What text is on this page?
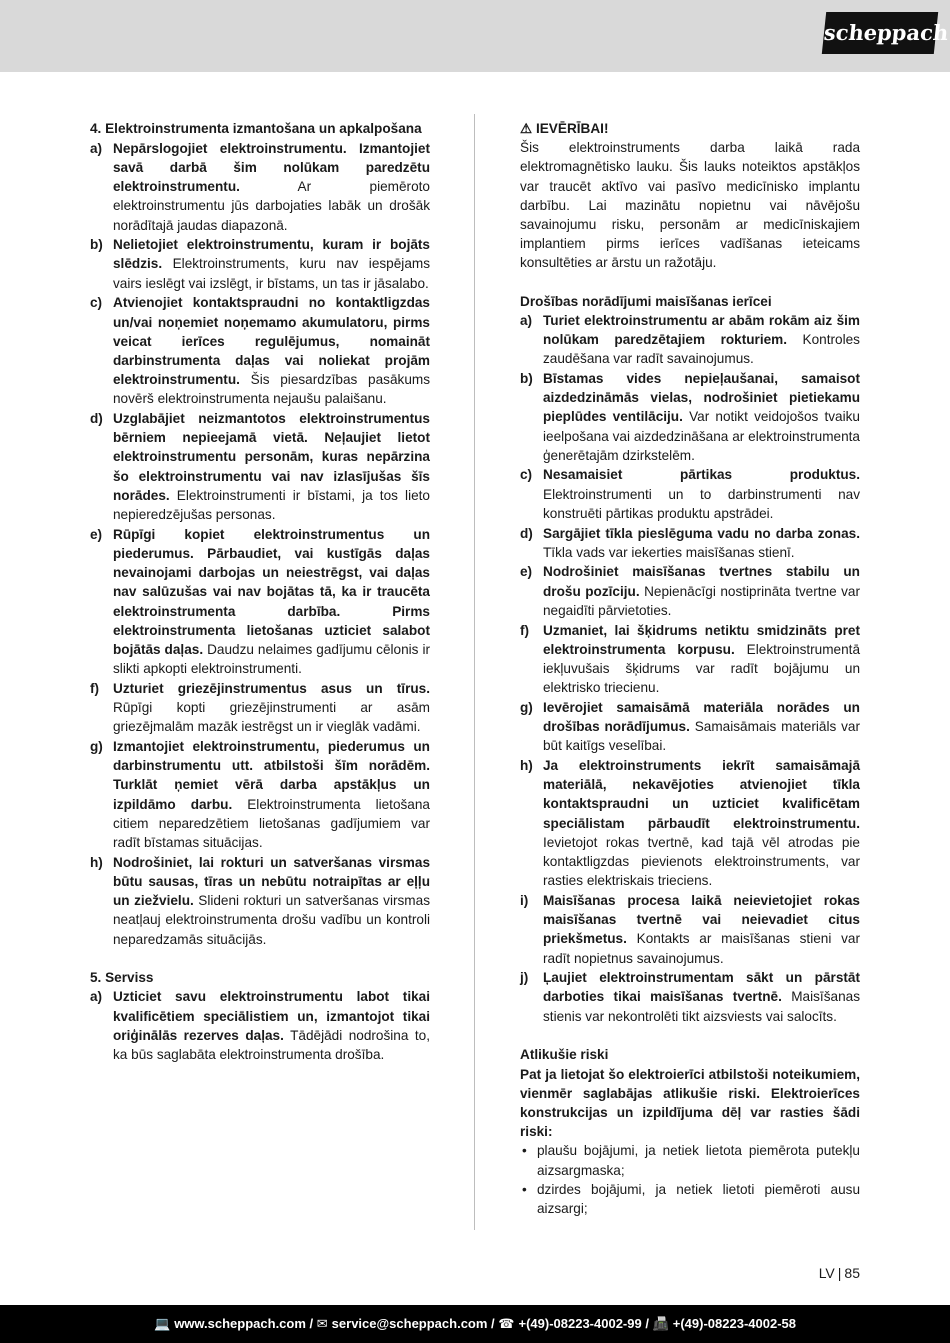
scheppach
4. Elektroinstrumenta izmantošana un apkalpošana
a) Nepārslogojiet elektroinstrumentu. Izmantojiet savā darbā šim nolūkam paredzētu elektroinstrumentu. Ar piemēroto elektroinstrumentu jūs darbojaties labāk un drošāk norādītajā jaudas diapazonā.
b) Nelietojiet elektroinstrumentu, kuram ir bojāts slēdzis. Elektroinstruments, kuru nav iespējams vairs ieslēgt vai izslēgt, ir bīstams, un tas ir jāsalabo.
c) Atvienojiet kontaktspraudni no kontaktligzdas un/vai noņemiet noņemamo akumulatoru, pirms veicat ierīces regulējumus, nomaināt darbinstrumenta daļas vai noliekat projām elektroinstrumentu. Šis piesardzības pasākums novērš elektroinstrumenta nejaušu palaišanu.
d) Uzglabājiet neizmantotos elektroinstrumentus bērniem nepieejamā vietā. Neļaujiet lietot elektroinstrumentu personām, kuras nepārzina šo elektroinstrumentu vai nav izlasījušas šīs norādes. Elektroinstrumenti ir bīstami, ja tos lieto nepieredzējušas personas.
e) Rūpīgi kopiet elektroinstrumentus un piederumus. Pārbaudiet, vai kustīgās daļas nevainojami darbojas un neiestrēgst, vai daļas nav salūzušas vai nav bojātas tā, ka ir traucēta elektroinstrumenta darbība. Pirms elektroinstrumenta lietošanas uzticiet salabot bojātās daļas. Daudzu nelaimes gadījumu cēlonis ir slikti apkopti elektroinstrumenti.
f)	Uzturiet griezējinstrumentus asus un tīrus. Rūpīgi kopti griezējinstrumenti ar asām griezējmalām mazāk iestrēgst un ir vieglāk vadāmi.
g) Izmantojiet elektroinstrumentu, piederumus un darbinstrumentu utt. atbilstoši šīm norādēm. Turklāt ņemiet vērā darba apstākļus un izpildāmo darbu. Elektroinstrumenta lietošana citiem neparedzētiem lietošanas gadījumiem var radīt bīstamas situācijas.
h) Nodrošiniet, lai rokturi un satveršanas virsmas būtu sausas, tīras un nebūtu notraipītas ar eļļu un ziežvielu. Slideni rokturi un satveršanas virsmas neatļauj elektroinstrumenta drošu vadību un kontroli neparedzamās situācijās.
5. Serviss
a) Uzticiet savu elektroinstrumentu labot tikai kvalificētiem speciālistiem un, izmantojot tikai oriģinālās rezerves daļas. Tādējādi nodrošina to, ka būs saglabāta elektroinstrumenta drošība.
⚠ IEVĒRĪBAI!

Šis elektroinstruments darba laikā rada elektromagnētisko lauku. Šis lauks noteiktos apstākļos var traucēt aktīvo vai pasīvo medicīnisko implantu darbību. Lai mazinātu nopietnu vai nāvējošu savainojumu risku, personām ar medicīniskajiem implantiem pirms ierīces vadīšanas ieteicams konsultēties ar ārstu un ražotāju.

Drošības norādījumi maisīšanas ierīcei
a) Turiet elektroinstrumentu ar abām rokām aiz šim nolūkam paredzētajiem rokturiem. Kontroles zaudēšana var radīt savainojumus.
b) Bīstamas vides nepieļaušanai, samaisot aizdedzināmās vielas, nodrošiniet pietiekamu pieplūdes ventilāciju. Var notikt veidojošos tvaiku ieelpošana vai aizdedzināšana ar elektroinstrumenta ģenerētajām dzirkstelēm.
c) Nesamaisiet pārtikas produktus. Elektroinstrumenti un to darbinstrumenti nav konstruēti pārtikas produktu apstrādei.
d) Sargājiet tīkla pieslēguma vadu no darba zonas. Tīkla vads var iekerties maisīšanas stienī.
e) Nodrošiniet maisīšanas tvertnes stabilu un drošu pozīciju. Nepienācīgi nostiprināta tvertne var negaidīti pārvietoties.
f)	Uzmaniet, lai šķidrums netiktu smidzināts pret elektroinstrumenta korpusu. Elektroinstrumentā iekļuvušais šķidrums var radīt bojājumu un elektrisko triecienu.
g) Ievērojiet samaisāmā materiāla norādes un drošības norādījumus. Samaisāmais materiāls var būt kaitīgs veselībai.
h) Ja elektroinstruments iekrīt samaisāmajā materiālā, nekavējoties atvienojiet tīkla kontaktspraudni un uzticiet kvalificētam speciālistam pārbaudīt elektroinstrumentu. Ievietojot rokas tvertnē, kad tajā vēl atrodas pie kontaktligzdas pievienots elektroinstruments, var rasties elektriskais trieciens.
i)	Maisīšanas procesa laikā neievietojiet rokas maisīšanas tvertnē vai neievadiet citus priekšmetus. Kontakts ar maisīšanas stieni var radīt nopietnus savainojumus.
j)	Ļaujiet elektroinstrumentam sākt un pārstāt darboties tikai maisīšanas tvertnē. Maisīšanas stienis var nekontrolēti tikt aizsviests vai salocīts.
Atlikušie riski

Pat ja lietojat šo elektroierīci atbilstoši noteikumiem, vienmēr saglabājas atlikušie riski. Elektroierīces konstrukcijas un izpildījuma dēļ var rasties šādi riski:

• plaušu bojājumi, ja netiek lietota piemērota putekļu aizsargmaska;
• dzirdes bojājumi, ja netiek lietoti piemēroti ausu aizsargi;
LV | 85
💻 www.scheppach.com / ✉ service@scheppach.com / ☎ +(49)-08223-4002-99 / 📠 +(49)-08223-4002-58
